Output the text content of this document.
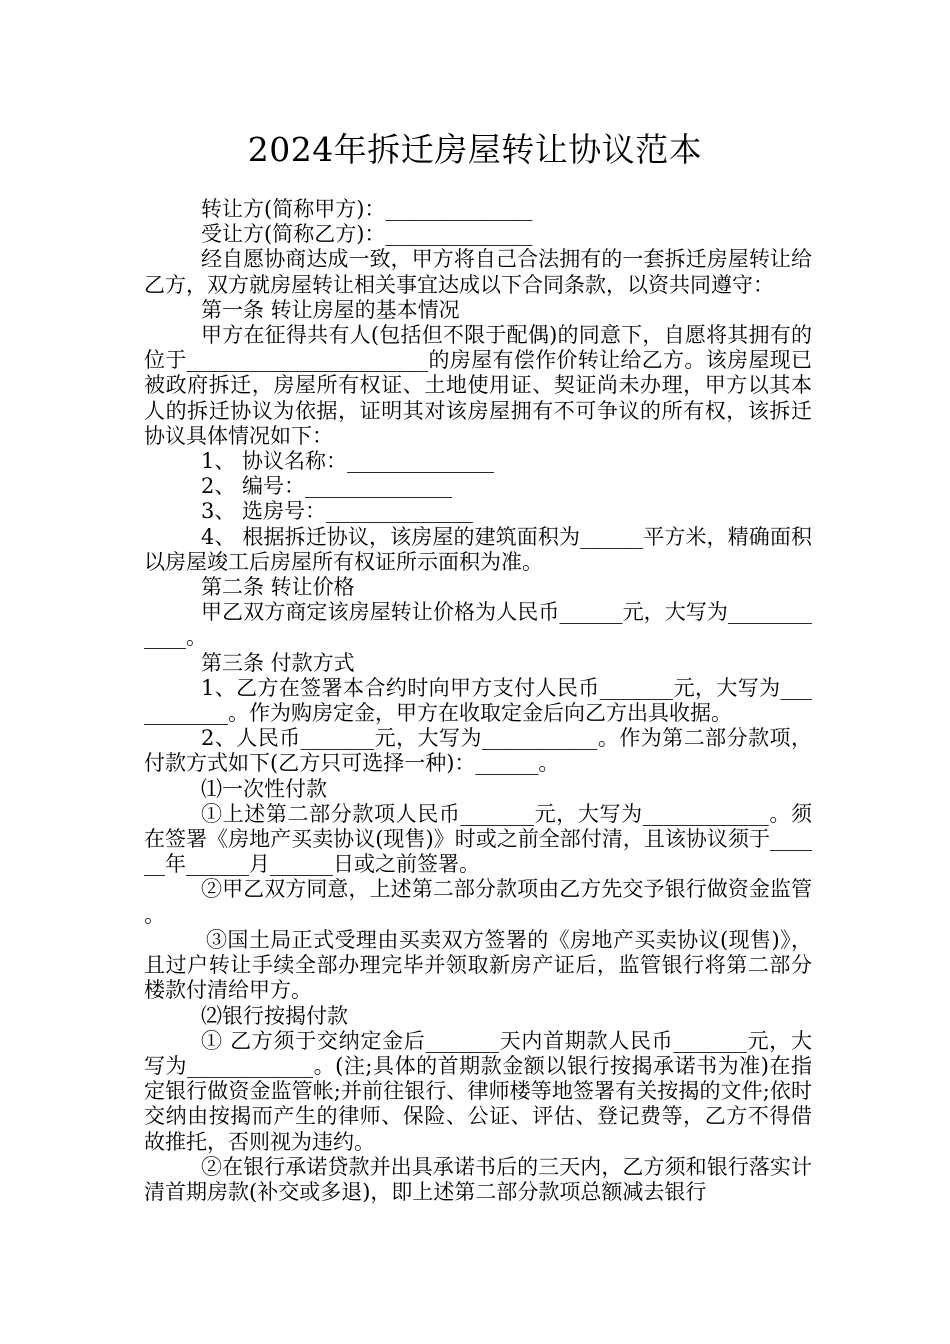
2024年拆迁房屋转让协议范本

转让方(简称甲方)：______________

受让方(简称乙方)：______________

经自愿协商达成一致，甲方将自己合法拥有的一套拆迁房屋转让给乙方，双方就房屋转让相关事宜达成以下合同条款，以资共同遵守：

第一条 转让房屋的基本情况

甲方在征得共有人(包括但不限于配偶)的同意下，自愿将其拥有的位于_______________________的房屋有偿作价转让给乙方。该房屋现已被政府拆迁，房屋所有权证、土地使用证、契证尚未办理，甲方以其本人的拆迁协议为依据，证明其对该房屋拥有不可争议的所有权，该拆迁协议具体情况如下：

1、 协议名称：______________

2、 编号：______________

3、 选房号：______________

4、 根据拆迁协议，该房屋的建筑面积为______平方米，精确面积以房屋竣工后房屋所有权证所示面积为准。

第二条 转让价格

甲乙双方商定该房屋转让价格为人民币______元，大写为____________。

第三条 付款方式

1、乙方在签署本合约时向甲方支付人民币_______元，大写为___________。作为购房定金，甲方在收取定金后向乙方出具收据。

2、人民币_______元，大写为___________。作为第二部分款项，付款方式如下(乙方只可选择一种)：______。

⑴一次性付款

①上述第二部分款项人民币_______元，大写为____________。须在签署《房地产买卖协议(现售)》时或之前全部付清，且该协议须于______年______月______日或之前签署。

②甲乙双方同意，上述第二部分款项由乙方先交予银行做资金监管。

③国土局正式受理由买卖双方签署的《房地产买卖协议(现售)》，且过户转让手续全部办理完毕并领取新房产证后，监管银行将第二部分楼款付清给甲方。

⑵银行按揭付款

① 乙方须于交纳定金后_______天内首期款人民币_______元，大写为____________。(注;具体的首期款金额以银行按揭承诺书为准)在指定银行做资金监管帐;并前往银行、律师楼等地签署有关按揭的文件;依时交纳由按揭而产生的律师、保险、公证、评估、登记费等，乙方不得借故推托，否则视为违约。

②在银行承诺贷款并出具承诺书后的三天内，乙方须和银行落实计清首期房款(补交或多退)，即上述第二部分款项总额减去银行
